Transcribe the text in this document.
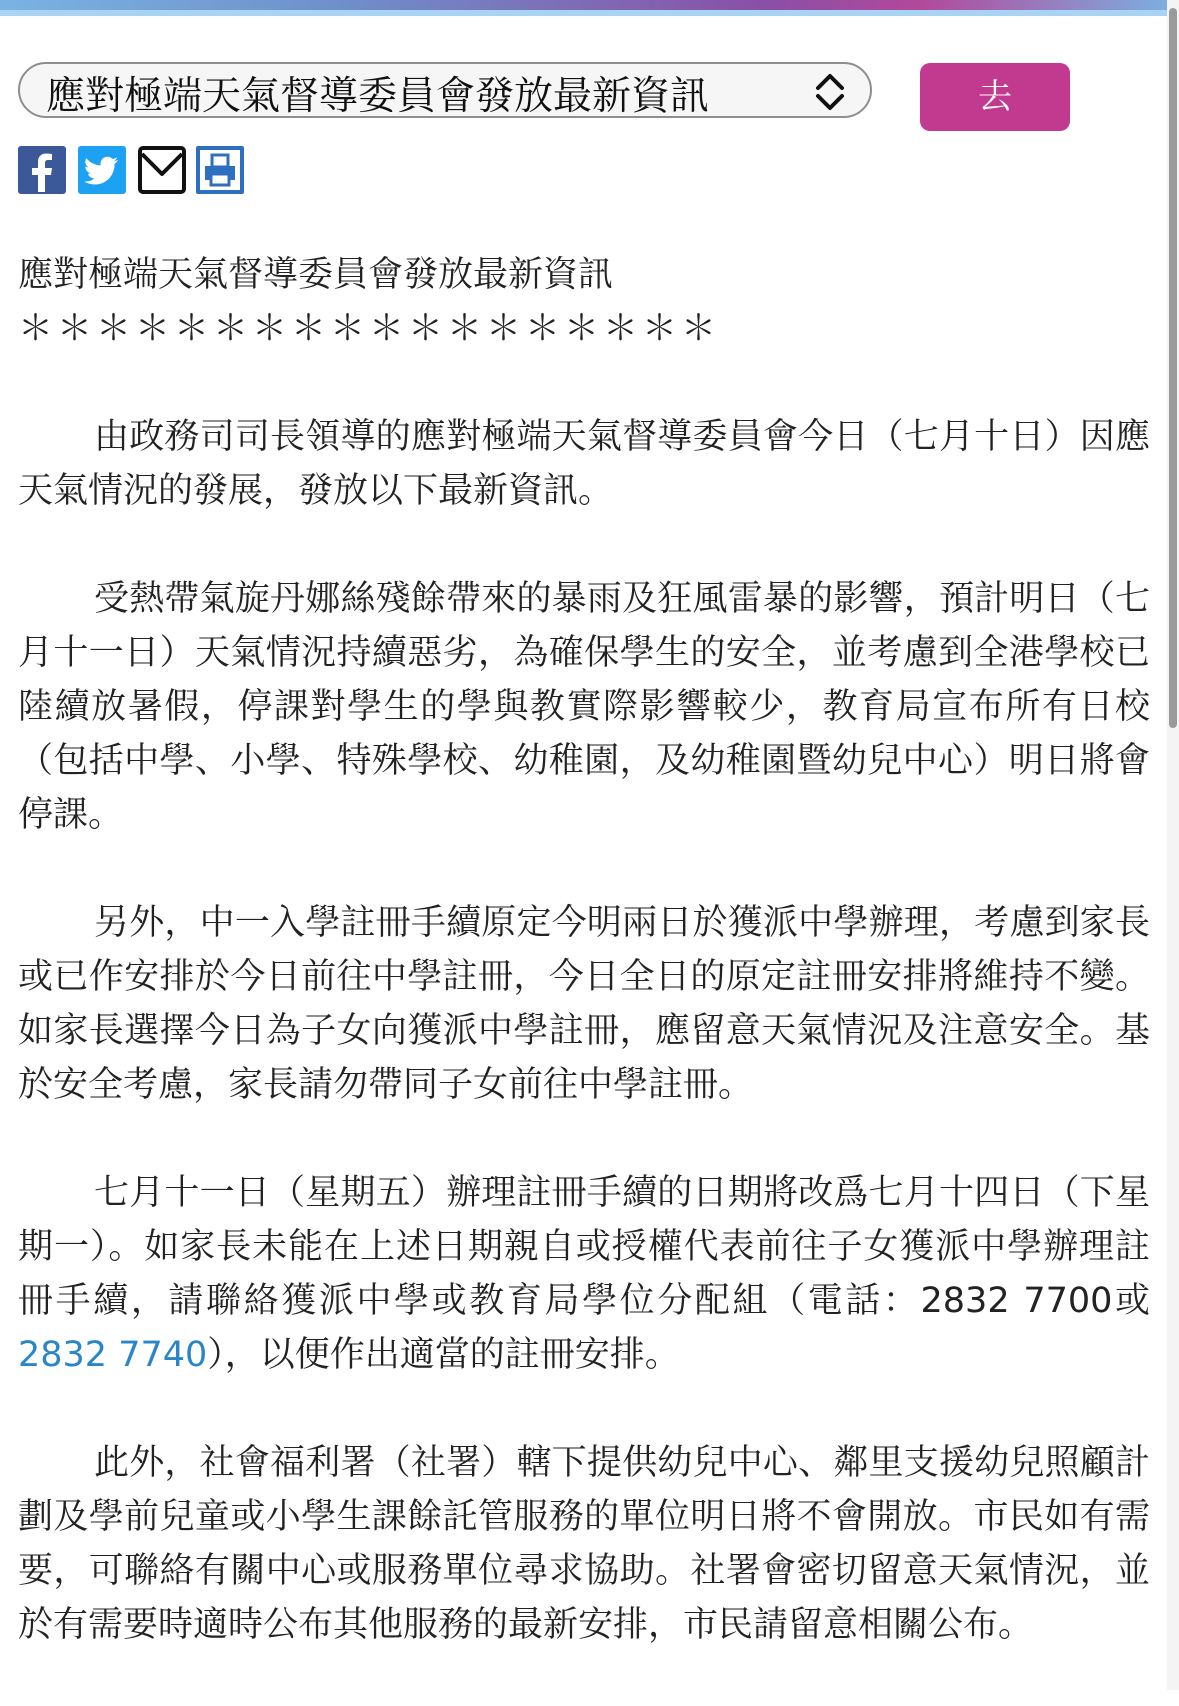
應對極端天氣督導委員會發放最新資訊	去

應對極端天氣督導委員會發放最新資訊

＊＊＊＊＊＊＊＊＊＊＊＊＊＊＊＊＊＊

由政務司司長領導的應對極端天氣督導委員會今日（七月十日）因應天氣情況的發展，發放以下最新資訊。

受熱帶氣旋丹娜絲殘餘帶來的暴雨及狂風雷暴的影響，預計明日（七月十一日）天氣情況持續惡劣，為確保學生的安全，並考慮到全港學校已陸續放暑假，停課對學生的學與教實際影響較少，教育局宣布所有日校（包括中學、小學、特殊學校、幼稚園，及幼稚園暨幼兒中心）明日將會停課。

另外，中一入學註冊手續原定今明兩日於獲派中學辦理，考慮到家長或已作安排於今日前往中學註冊，今日全日的原定註冊安排將維持不變。如家長選擇今日為子女向獲派中學註冊，應留意天氣情況及注意安全。基於安全考慮，家長請勿帶同子女前往中學註冊。

七月十一日（星期五）辦理註冊手續的日期將改爲七月十四日（下星期一）。如家長未能在上述日期親自或授權代表前往子女獲派中學辦理註冊手續，請聯絡獲派中學或教育局學位分配組（電話：2832 7700或2832 7740），以便作出適當的註冊安排。

此外，社會福利署（社署）轄下提供幼兒中心、鄰里支援幼兒照顧計劃及學前兒童或小學生課餘託管服務的單位明日將不會開放。市民如有需要，可聯絡有關中心或服務單位尋求協助。社署會密切留意天氣情況，並於有需要時適時公布其他服務的最新安排，市民請留意相關公布。
